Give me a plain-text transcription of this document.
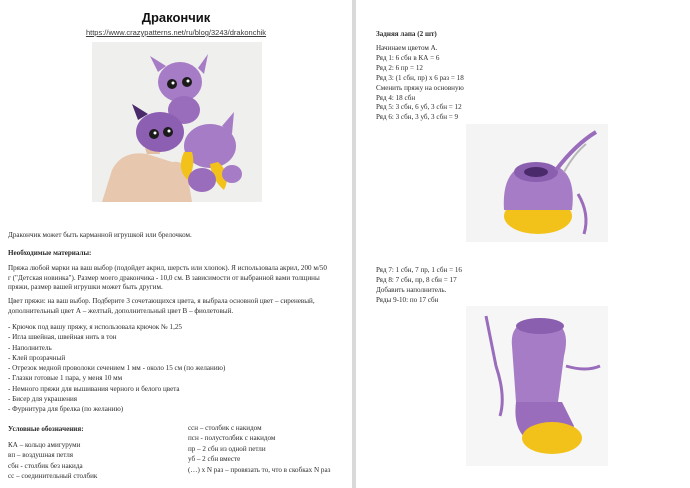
Дракончик
https://www.crazypatterns.net/ru/blog/3243/drakonchik
Дракончик может быть карманной игрушкой или брелочком.
Необходимые материалы:
Пряжа любой марки на ваш выбор (подойдет акрил, шерсть или хлопок). Я использовала акрил, 200 м/50
г ("Детская новинка"). Размер моего дракончика - 10,0 см. В зависимости от выбранной вами толщины
пряжи, размер вашей игрушки может быть другим.
Цвет пряжи: на ваш выбор. Подберите 3 сочетающихся цвета, я выбрала основной цвет – сиреневый,
дополнительный цвет А – желтый, дополнительный цвет B – фиолетовый.
- Крючок под вашу пряжу, я использовала крючок № 1,25
- Игла швейная, швейная нить в тон
- Наполнитель
- Клей прозрачный
- Отрезок медной проволоки сечением 1 мм - около 15 см (по желанию)
- Глазки готовые 1 пара, у меня 10 мм
- Немного пряжи для вышивания черного и белого цвета
- Бисер для украшения
- Фурнитура для брелка (по желанию)
Условные обозначения:
КА – кольцо амигуруми
вп – воздушная петля
сбн - столбик без накида
сс – соединительный столбик
ссн – столбик с накидом
псн - полустолбик с накидом
пр – 2 сбн из одной петли
уб – 2 сбн вместе
(…) х N раз – провязать то, что в скобках N раз
Задняя лапа (2 шт)
Начинаем цветом А.
Ряд 1: 6 сбн в КА = 6
Ряд 2: 6 пр = 12
Ряд 3: (1 сбн, пр) х 6 раз = 18
Сменить пряжу на основную
Ряд 4: 18 сбн
Ряд 5: 3 сбн, 6 уб, 3 сбн = 12
Ряд 6: 3 сбн, 3 уб, 3 сбн = 9
Ряд 7: 1 сбн, 7 пр, 1 сбн = 16
Ряд 8: 7 сбн, пр, 8 сбн = 17
Добавить наполнитель.
Ряды 9-10: по 17 сбн
